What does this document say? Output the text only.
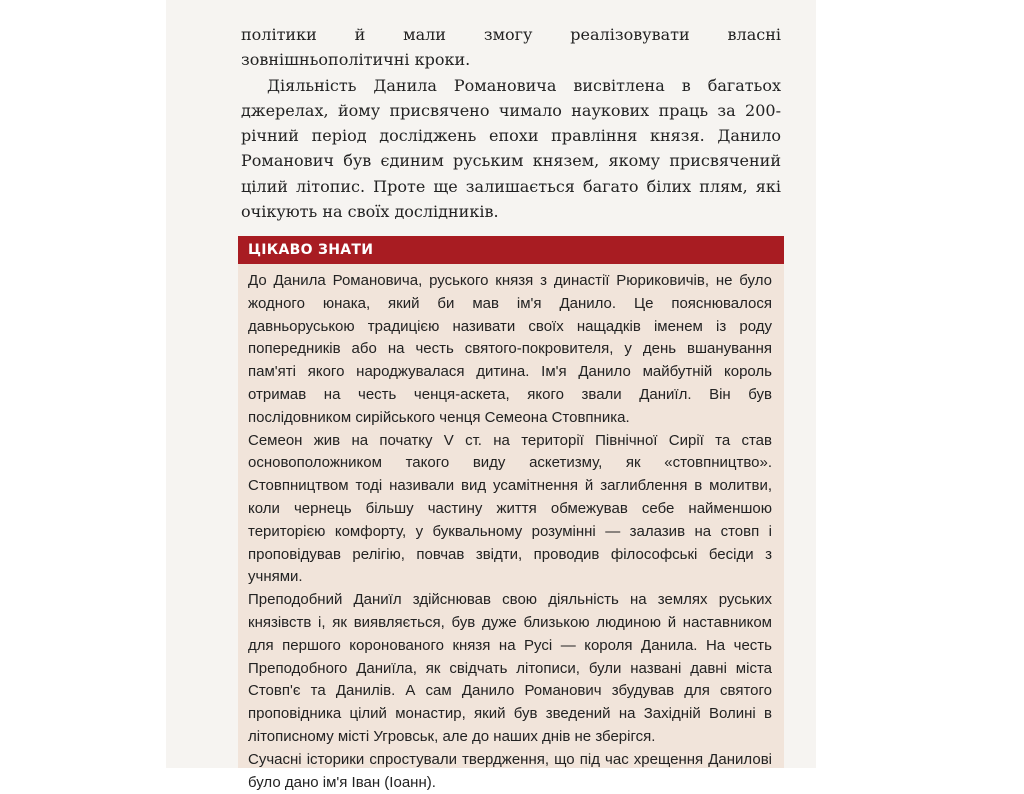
політики й мали змогу реалізовувати власні зовнішньополітичні кроки.

Діяльність Данила Романовича висвітлена в багатьох джерелах, йому присвячено чимало наукових праць за 200-річний період досліджень епохи правління князя. Данило Романович був єдиним руським князем, якому присвячений цілий літопис. Проте ще залишається багато білих плям, які очікують на своїх дослідників.

ЦІКАВО ЗНАТИ

До Данила Романовича, руського князя з династії Рюриковичів, не було жодного юнака, який би мав ім'я Данило. Це пояснювалося давньоруською традицією називати своїх нащадків іменем із роду попередників або на честь святого-покровителя, у день вшанування пам'яті якого народжувалася дитина. Ім'я Данило майбутній король отримав на честь ченця-аскета, якого звали Даниїл. Він був послідовником сирійського ченця Семеона Стовпника.

Семеон жив на початку V ст. на території Північної Сирії та став основоположником такого виду аскетизму, як «стовпництво». Стовпництвом тоді називали вид усамітнення й заглиблення в молитви, коли чернець більшу частину життя обмежував себе найменшою територією комфорту, у буквальному розумінні — залазив на стовп і проповідував релігію, повчав звідти, проводив філософські бесіди з учнями.

Преподобний Даниїл здійснював свою діяльність на землях руських князівств і, як виявляється, був дуже близькою людиною й наставником для першого коронованого князя на Русі — короля Данила. На честь Преподобного Даниїла, як свідчать літописи, були названі давні міста Стовп'є та Данилів. А сам Данило Романович збудував для святого проповідника цілий монастир, який був зведений на Західній Волині в літописному місті Угровськ, але до наших днів не зберігся.

Сучасні історики спростували твердження, що під час хрещення Данилові було дано ім'я Іван (Іоанн).
